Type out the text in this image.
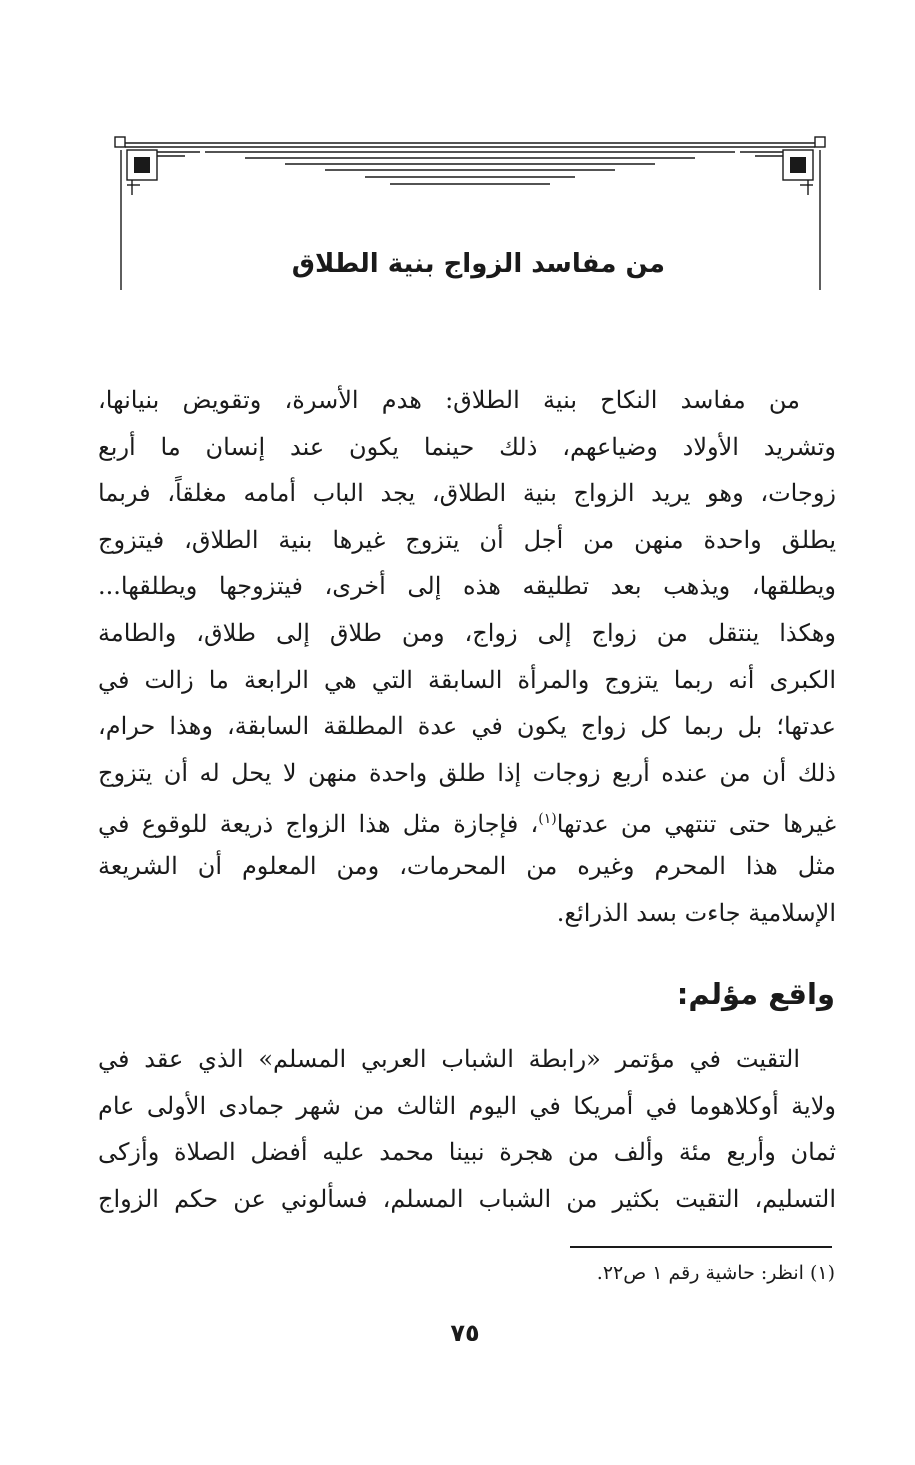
من مفاسد الزواج بنية الطلاق
من مفاسد النكاح بنية الطلاق: هدم الأسرة، وتقويض بنيانها،
وتشريد الأولاد وضياعهم، ذلك حينما يكون عند إنسان ما أربع
زوجات، وهو يريد الزواج بنية الطلاق، يجد الباب أمامه مغلقاً، فربما
يطلق واحدة منهن من أجل أن يتزوج غيرها بنية الطلاق، فيتزوج
ويطلقها، ويذهب بعد تطليقه هذه إلى أخرى، فيتزوجها ويطلقها...
وهكذا ينتقل من زواج إلى زواج، ومن طلاق إلى طلاق، والطامة
الكبرى أنه ربما يتزوج والمرأة السابقة التي هي الرابعة ما زالت في
عدتها؛ بل ربما كل زواج يكون في عدة المطلقة السابقة، وهذا حرام،
ذلك أن من عنده أربع زوجات إذا طلق واحدة منهن لا يحل له أن يتزوج
غيرها حتى تنتهي من عدتها$^{(١)}$، فإجازة مثل هذا الزواج ذريعة للوقوع في
مثل هذا المحرم وغيره من المحرمات، ومن المعلوم أن الشريعة
الإسلامية جاءت بسد الذرائع.
واقع مؤلم:
التقيت في مؤتمر «رابطة الشباب العربي المسلم» الذي عقد في
ولاية أوكلاهوما في أمريكا في اليوم الثالث من شهر جمادى الأولى عام
ثمان وأربع مئة وألف من هجرة نبينا محمد عليه أفضل الصلاة وأزكى
التسليم، التقيت بكثير من الشباب المسلم، فسألوني عن حكم الزواج
(١) انظر: حاشية رقم ١ ص٢٢.
٧٥
